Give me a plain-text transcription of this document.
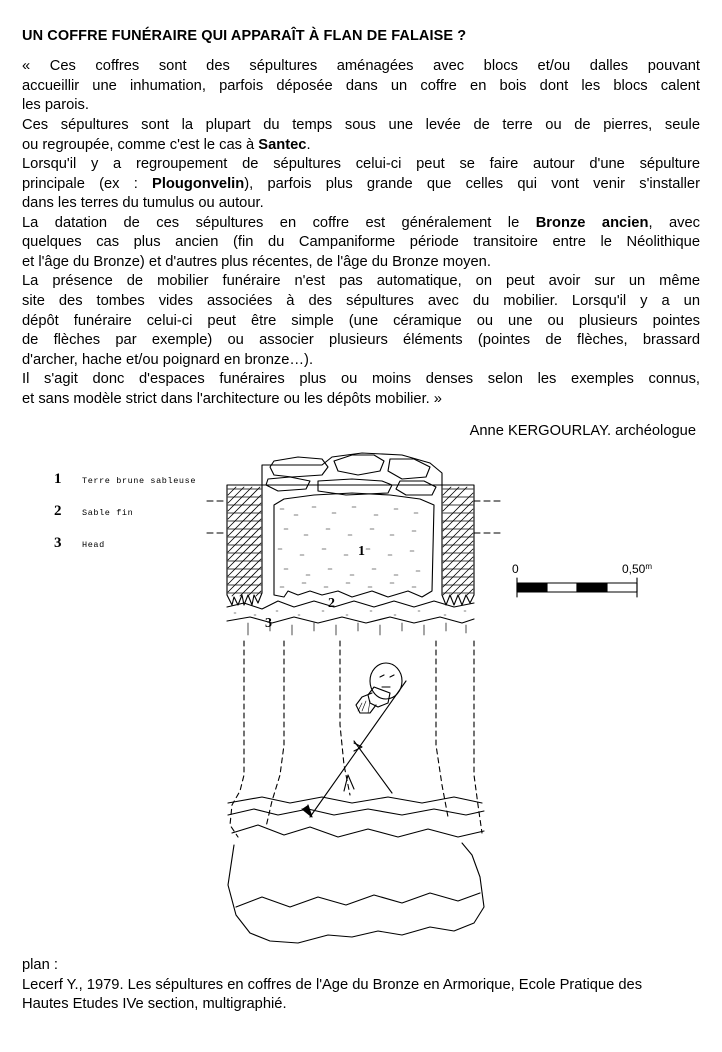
UN COFFRE FUNÉRAIRE QUI APPARAÎT À FLAN DE FALAISE ?

« Ces coffres sont des sépultures aménagées avec blocs et/ou dalles pouvant
accueillir une inhumation, parfois déposée dans un coffre en bois dont les blocs calent
les parois.

Ces sépultures sont la plupart du temps sous une levée de terre ou de pierres, seule
ou regroupée, comme c'est le cas à Santec.

Lorsqu'il y a regroupement de sépultures celui-ci peut se faire autour d'une sépulture
principale (ex : Plougonvelin), parfois plus grande que celles qui vont venir s'installer
dans les terres du tumulus ou autour.

La datation de ces sépultures en coffre est généralement le Bronze ancien, avec
quelques cas plus ancien (fin du Campaniforme période transitoire entre le Néolithique
et l'âge du Bronze) et d'autres plus récentes, de l'âge du Bronze moyen.

La présence de mobilier funéraire n'est pas automatique, on peut avoir sur un même
site des tombes vides associées à des sépultures avec du mobilier. Lorsqu'il y a un
dépôt funéraire celui-ci peut être simple (une céramique ou une ou plusieurs pointes
de flèches par exemple) ou associer plusieurs éléments (pointes de flèches, brassard
d'archer, hache et/ou poignard en bronze…).

Il s'agit donc d'espaces funéraires plus ou moins denses selon les exemples connus,
et sans modèle strict dans l'architecture ou les dépôts mobilier. »

Anne KERGOURLAY. archéologue
1 Terre brune sableuse
2 Sable fin
3 Head	1
2
3
0	0,50$^m$
plan :
Lecerf Y., 1979. Les sépultures en coffres de l'Age du Bronze en Armorique, Ecole Pratique des
Hautes Etudes IVe section, multigraphié.
